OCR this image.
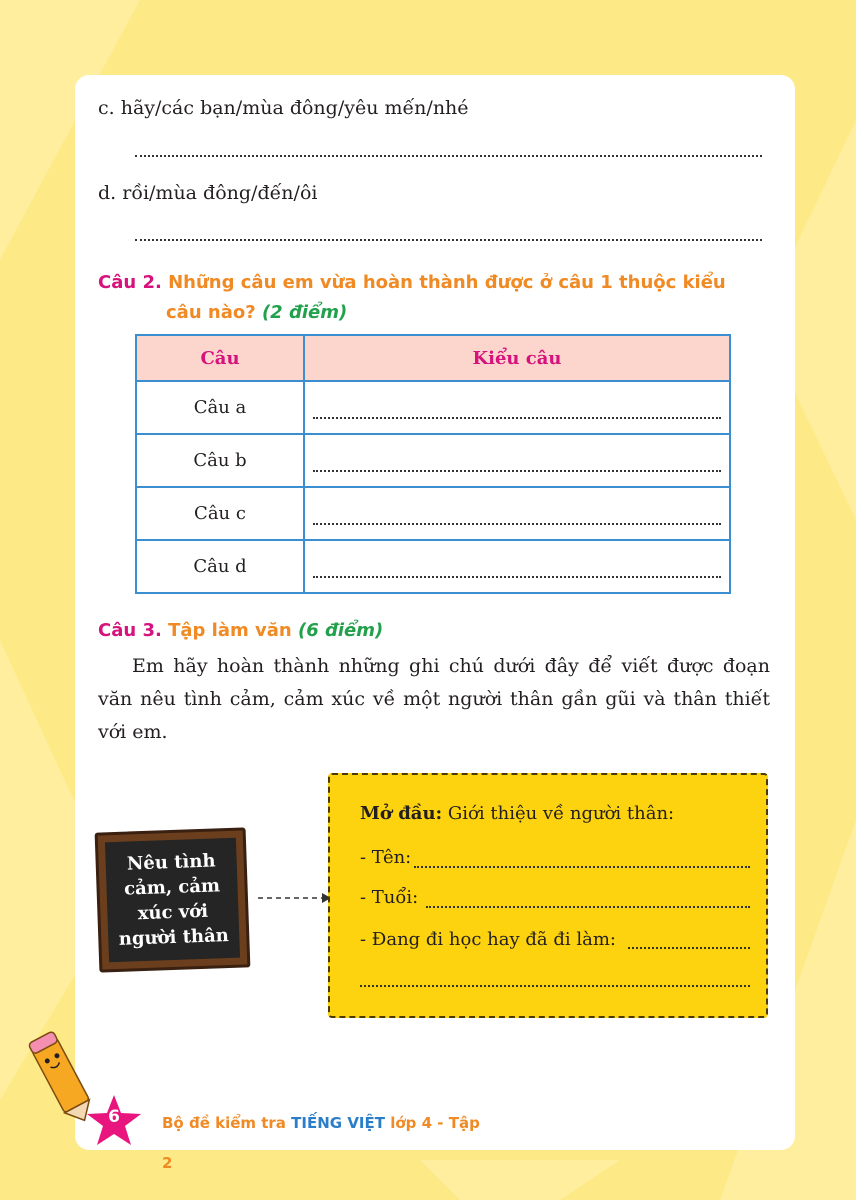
c. hãy/các bạn/mùa đông/yêu mến/nhé
d. rồi/mùa đông/đến/ôi
Câu 2. Những câu em vừa hoàn thành được ở câu 1 thuộc kiểu
câu nào? (2 điểm)
Câu	Kiểu câu
Câu a	

Câu b	

Câu c	

Câu d	
Câu 3. Tập làm văn (6 điểm)
Em hãy hoàn thành những ghi chú dưới đây để viết được đoạn văn nêu tình cảm, cảm xúc về một người thân gần gũi và thân thiết với em.
Nêu tình cảm, cảm xúc với người thân
Mở đầu: Giới thiệu về người thân:
- Tên:
- Tuổi:
- Đang đi học hay đã đi làm:
Bộ đề kiểm tra TIẾNG VIỆT lớp 4 - Tập 2
6
